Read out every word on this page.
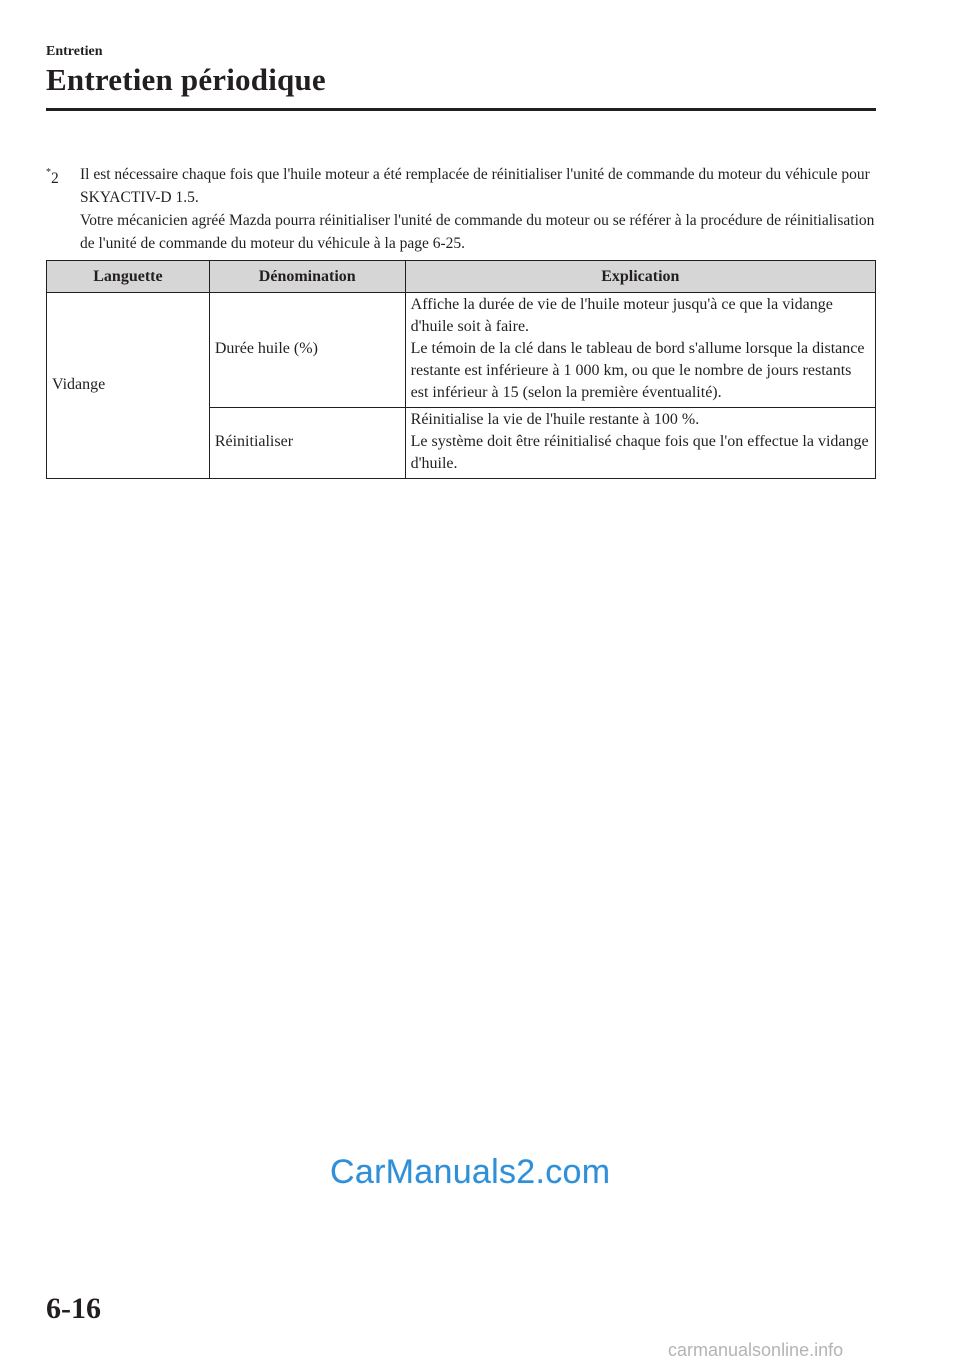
Entretien
Entretien périodique
*2 Il est nécessaire chaque fois que l'huile moteur a été remplacée de réinitialiser l'unité de commande du moteur du véhicule pour SKYACTIV-D 1.5.

Votre mécanicien agréé Mazda pourra réinitialiser l'unité de commande du moteur ou se référer à la procédure de réinitialisation de l'unité de commande du moteur du véhicule à la page 6-25.

Languette	Dénomination	Explication
Vidange	Durée huile (%)	Affiche la durée de vie de l'huile moteur jusqu'à ce que la vidange d'huile soit à faire.

Le témoin de la clé dans le tableau de bord s'allume lorsque la distance restante est inférieure à 1 000 km, ou que le nombre de jours restants est inférieur à 15 (selon la première éventualité).

	Réinitialiser	Réinitialise la vie de l'huile restante à 100 %.

Le système doit être réinitialisé chaque fois que l'on effectue la vidange d'huile.

CarManuals2.com
6-16
carmanualsonline.info
